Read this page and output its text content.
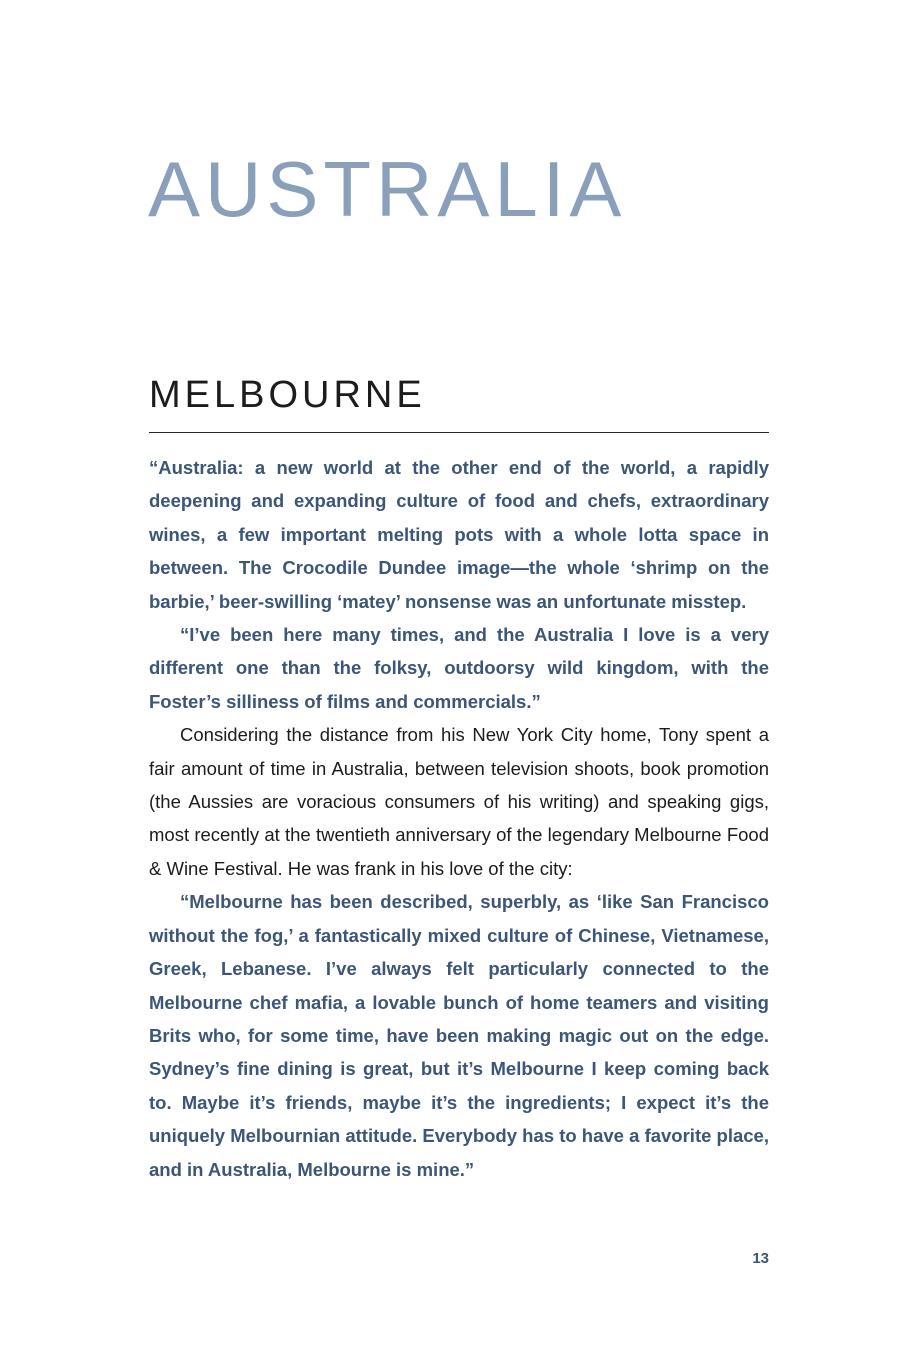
AUSTRALIA
MELBOURNE

“Australia: a new world at the other end of the world, a rapidly deepening and expanding culture of food and chefs, extraordinary wines, a few important melting pots with a whole lotta space in between. The Crocodile Dundee image—the whole ‘shrimp on the barbie,’ beer-swilling ‘matey’ nonsense was an unfortunate misstep.

“I’ve been here many times, and the Australia I love is a very different one than the folksy, outdoorsy wild kingdom, with the Foster’s silliness of films and commercials.”

Considering the distance from his New York City home, Tony spent a fair amount of time in Australia, between television shoots, book promotion (the Aussies are voracious consumers of his writing) and speaking gigs, most recently at the twentieth anniversary of the legendary Melbourne Food & Wine Festival. He was frank in his love of the city:

“Melbourne has been described, superbly, as ‘like San Francisco without the fog,’ a fantastically mixed culture of Chinese, Vietnamese, Greek, Lebanese. I’ve always felt particularly connected to the Melbourne chef mafia, a lovable bunch of home teamers and visiting Brits who, for some time, have been making magic out on the edge. Sydney’s fine dining is great, but it’s Melbourne I keep coming back to. Maybe it’s friends, maybe it’s the ingredients; I expect it’s the uniquely Melbournian attitude. Everybody has to have a favorite place, and in Australia, Melbourne is mine.”

13
